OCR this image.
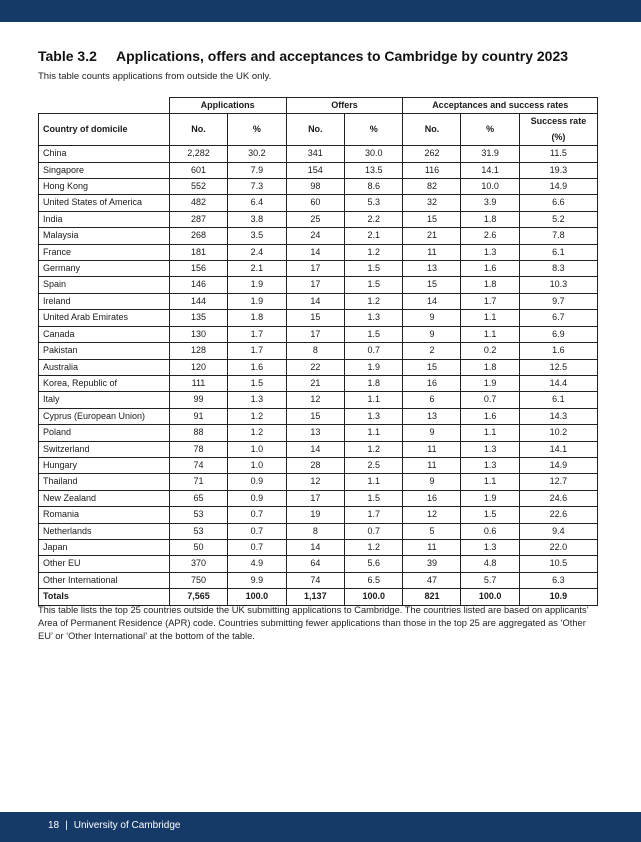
Table 3.2 Applications, offers and acceptances to Cambridge by country 2023
This table counts applications from outside the UK only.
	Applications		Offers		Acceptances and success rates		
Country of domicile	No.	%	No.	%	No.	%	Success rate (%)
China	2,282	30.2	341	30.0	262	31.9	11.5
Singapore	601	7.9	154	13.5	116	14.1	19.3
Hong Kong	552	7.3	98	8.6	82	10.0	14.9
United States of America	482	6.4	60	5.3	32	3.9	6.6
India	287	3.8	25	2.2	15	1.8	5.2
Malaysia	268	3.5	24	2.1	21	2.6	7.8
France	181	2.4	14	1.2	11	1.3	6.1
Germany	156	2.1	17	1.5	13	1.6	8.3
Spain	146	1.9	17	1.5	15	1.8	10.3
Ireland	144	1.9	14	1.2	14	1.7	9.7
United Arab Emirates	135	1.8	15	1.3	9	1.1	6.7
Canada	130	1.7	17	1.5	9	1.1	6.9
Pakistan	128	1.7	8	0.7	2	0.2	1.6
Australia	120	1.6	22	1.9	15	1.8	12.5
Korea, Republic of	111	1.5	21	1.8	16	1.9	14.4
Italy	99	1.3	12	1.1	6	0.7	6.1
Cyprus (European Union)	91	1.2	15	1.3	13	1.6	14.3
Poland	88	1.2	13	1.1	9	1.1	10.2
Switzerland	78	1.0	14	1.2	11	1.3	14.1
Hungary	74	1.0	28	2.5	11	1.3	14.9
Thailand	71	0.9	12	1.1	9	1.1	12.7
New Zealand	65	0.9	17	1.5	16	1.9	24.6
Romania	53	0.7	19	1.7	12	1.5	22.6
Netherlands	53	0.7	8	0.7	5	0.6	9.4
Japan	50	0.7	14	1.2	11	1.3	22.0
Other EU	370	4.9	64	5.6	39	4.8	10.5
Other International	750	9.9	74	6.5	47	5.7	6.3
Totals	7,565	100.0	1,137	100.0	821	100.0	10.9
This table lists the top 25 countries outside the UK submitting applications to Cambridge. The countries listed are based on applicants’ Area of Permanent Residence (APR) code. Countries submitting fewer applications than those in the top 25 are aggregated as ‘Other EU’ or ‘Other International’ at the bottom of the table.
18 | University of Cambridge
